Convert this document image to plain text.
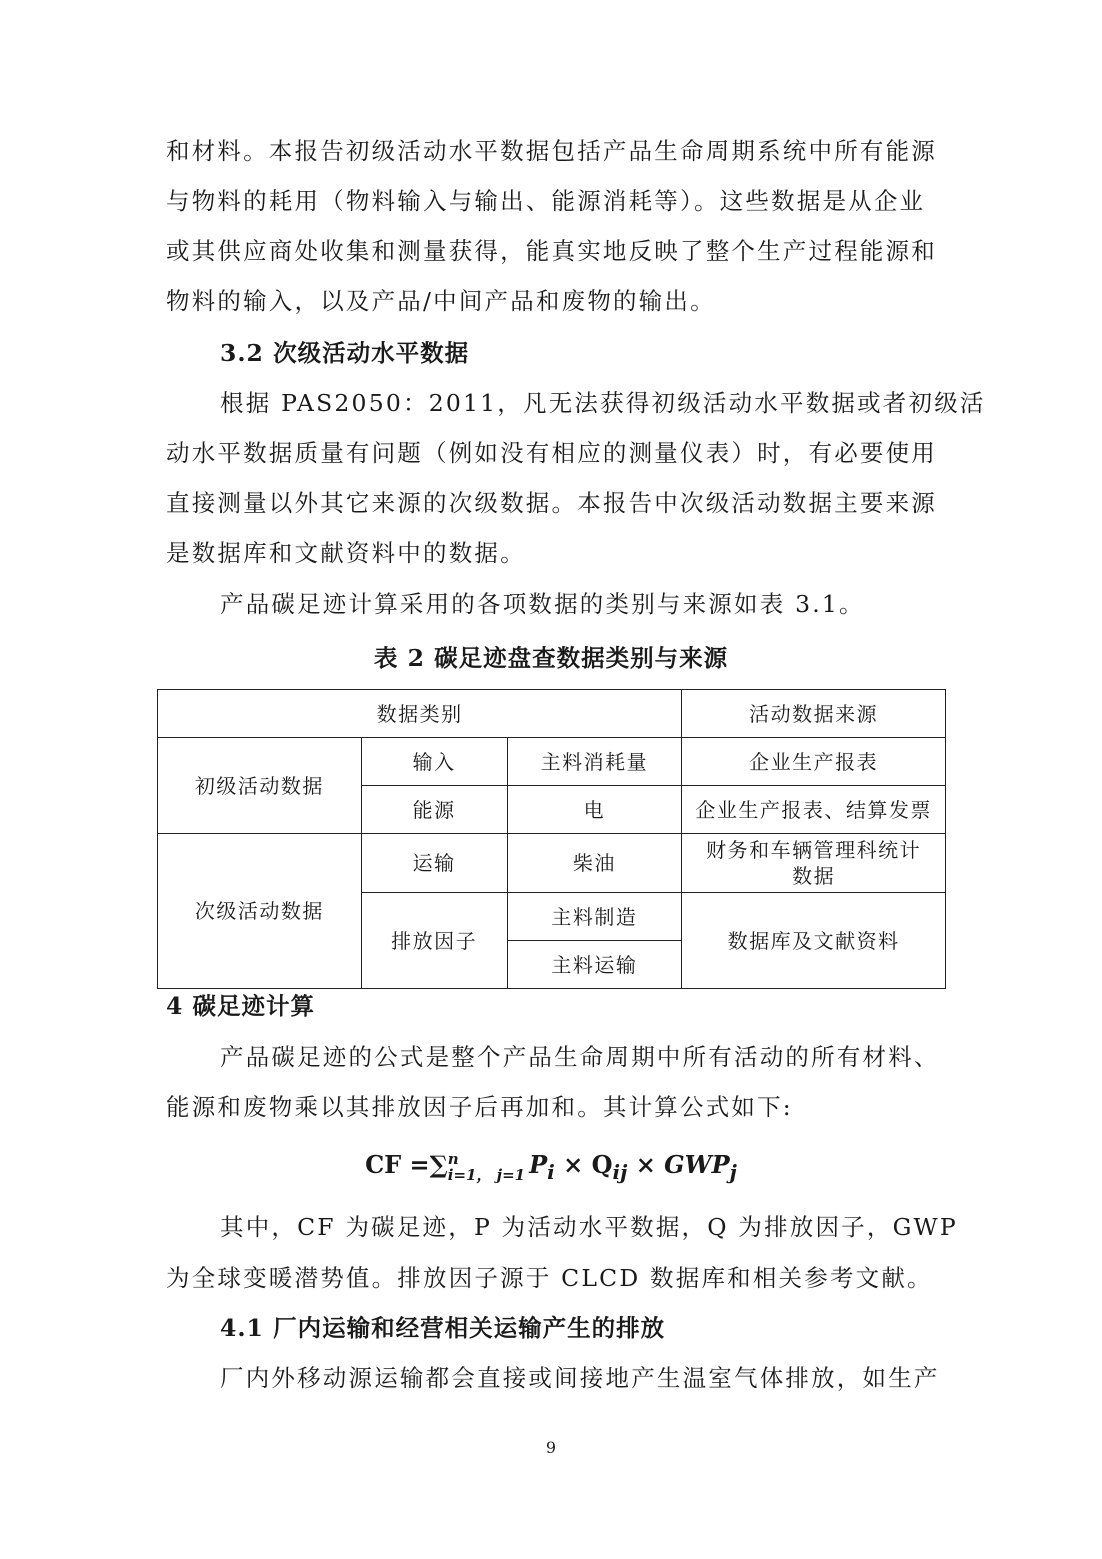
和材料。本报告初级活动水平数据包括产品生命周期系统中所有能源
与物料的耗用（物料输入与输出、能源消耗等）。这些数据是从企业
或其供应商处收集和测量获得，能真实地反映了整个生产过程能源和
物料的输入，以及产品/中间产品和废物的输出。
3.2 次级活动水平数据
根据 PAS2050：2011，凡无法获得初级活动水平数据或者初级活
动水平数据质量有问题（例如没有相应的测量仪表）时，有必要使用
直接测量以外其它来源的次级数据。本报告中次级活动数据主要来源
是数据库和文献资料中的数据。
产品碳足迹计算采用的各项数据的类别与来源如表 3.1。
表 2 碳足迹盘查数据类别与来源
数据类别			活动数据来源
初级活动数据	输入	主料消耗量	企业生产报表
	能源	电	企业生产报表、结算发票
次级活动数据	运输	柴油	财务和车辆管理科统计
数据

	排放因子	主料制造	数据库及文献资料
		主料运输	
4 碳足迹计算
产品碳足迹的公式是整个产品生命周期中所有活动的所有材料、
能源和废物乘以其排放因子后再加和。其计算公式如下:
CF =∑ n
i=1， j=1 $P_i \times Q_{ij} \times GWP_j$
其中，CF 为碳足迹，P 为活动水平数据，Q 为排放因子，GWP
为全球变暖潜势值。排放因子源于 CLCD 数据库和相关参考文献。
4.1 厂内运输和经营相关运输产生的排放
厂内外移动源运输都会直接或间接地产生温室气体排放，如生产
9
